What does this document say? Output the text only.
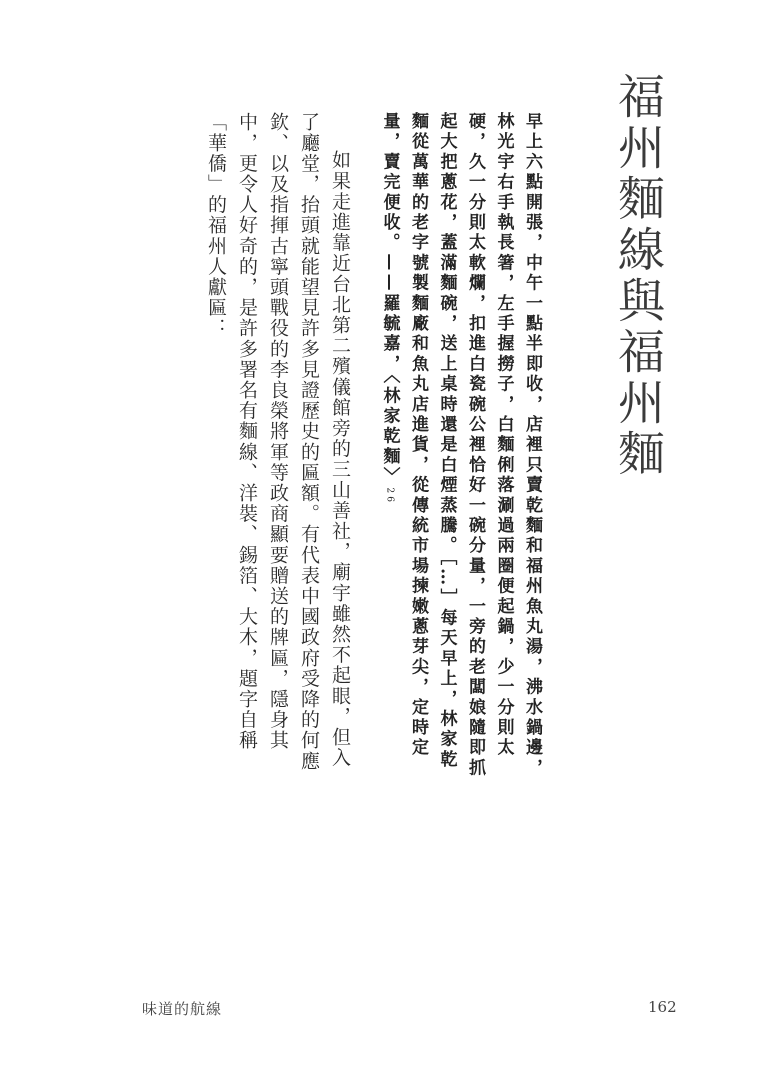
福州麵線與福州麵

早上六點開張，中午一點半即收，店裡只賣乾麵和福州魚丸湯，沸水鍋邊，林光宇右手執長箸，左手握撈子，白麵俐落涮過兩圈便起鍋，少一分則太硬，久一分則太軟爛，扣進白瓷碗公裡恰好一碗分量，一旁的老闆娘隨即抓起大把蔥花，蓋滿麵碗，送上桌時還是白煙蒸騰。［…］每天早上，林家乾麵從萬華的老字號製麵廠和魚丸店進貨，從傳統市場揀嫩蔥芽尖，定時定量，賣完便收。——羅毓嘉，〈林家乾麵〉26

如果走進靠近台北第二殯儀館旁的三山善社，廟宇雖然不起眼，但入了廳堂，抬頭就能望見許多見證歷史的匾額。有代表中國政府受降的何應欽、以及指揮古寧頭戰役的李良榮將軍等政商顯要贈送的牌匾，隱身其中，更令人好奇的，是許多署名有麵線、洋裝、錫箔、大木，題字自稱「華僑」的福州人獻匾：

味道的航線	162
